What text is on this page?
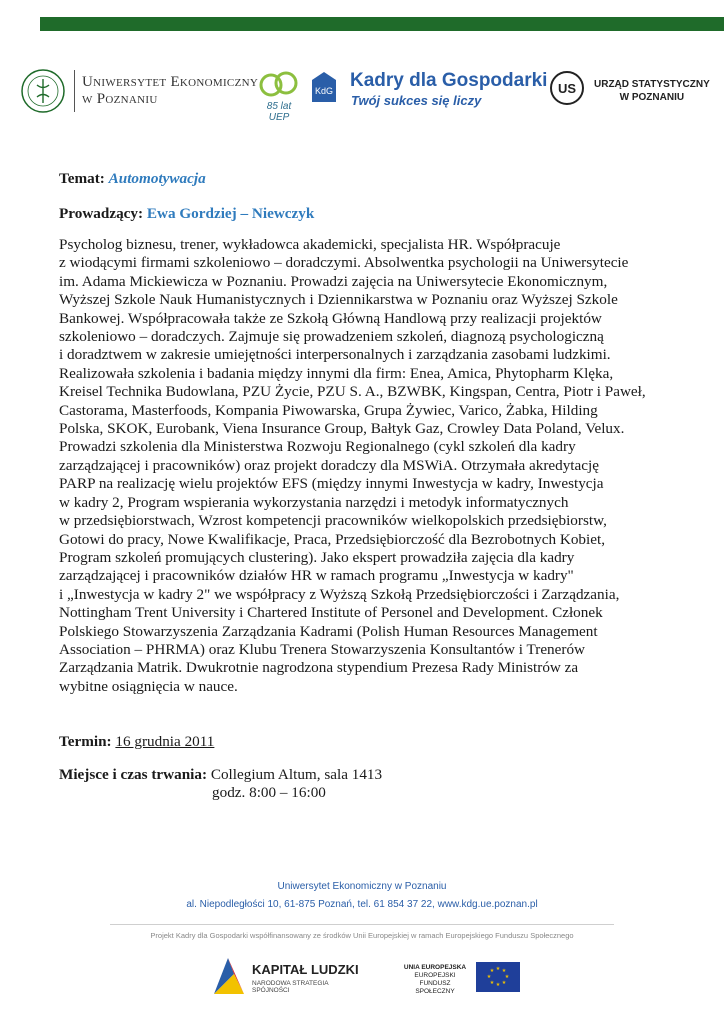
Uniwersytet Ekonomiczny
w Poznaniu	85 lat UEP
KdG Kadry dla Gospodarki
Twój sukces się liczy
US URZĄD STATYSTYCZNY
W POZNANIU
Temat: Automotywacja
Prowadzący: Ewa Gordziej – Niewczyk
Psycholog biznesu, trener, wykładowca akademicki, specjalista HR. Współpracuje
z wiodącymi firmami szkoleniowo – doradczymi. Absolwentka psychologii na Uniwersytecie
im. Adama Mickiewicza w Poznaniu. Prowadzi zajęcia na Uniwersytecie Ekonomicznym,
Wyższej Szkole Nauk Humanistycznych i Dziennikarstwa w Poznaniu oraz Wyższej Szkole
Bankowej. Współpracowała także ze Szkołą Główną Handlową przy realizacji projektów
szkoleniowo – doradczych. Zajmuje się prowadzeniem szkoleń, diagnozą psychologiczną
i doradztwem w zakresie umiejętności interpersonalnych i zarządzania zasobami ludzkimi.
Realizowała szkolenia i badania między innymi dla firm: Enea, Amica, Phytopharm Klęka,
Kreisel Technika Budowlana, PZU Życie, PZU S. A., BZWBK, Kingspan, Centra, Piotr i Paweł,
Castorama, Masterfoods, Kompania Piwowarska, Grupa Żywiec, Varico, Żabka, Hilding
Polska, SKOK, Eurobank, Viena Insurance Group, Bałtyk Gaz, Crowley Data Poland, Velux.
Prowadzi szkolenia dla Ministerstwa Rozwoju Regionalnego (cykl szkoleń dla kadry
zarządzającej i pracowników) oraz projekt doradczy dla MSWiA. Otrzymała akredytację
PARP na realizację wielu projektów EFS (między innymi Inwestycja w kadry, Inwestycja
w kadry 2, Program wspierania wykorzystania narzędzi i metodyk informatycznych
w przedsiębiorstwach, Wzrost kompetencji pracowników wielkopolskich przedsiębiorstw,
Gotowi do pracy, Nowe Kwalifikacje, Praca, Przedsiębiorczość dla Bezrobotnych Kobiet,
Program szkoleń promujących clustering). Jako ekspert prowadziła zajęcia dla kadry
zarządzającej i pracowników działów HR w ramach programu „Inwestycja w kadry"
i „Inwestycja w kadry 2" we współpracy z Wyższą Szkołą Przedsiębiorczości i Zarządzania,
Nottingham Trent University i Chartered Institute of Personel and Development. Członek
Polskiego Stowarzyszenia Zarządzania Kadrami (Polish Human Resources Management
Association – PHRMA) oraz Klubu Trenera Stowarzyszenia Konsultantów i Trenerów
Zarządzania Matrik. Dwukrotnie nagrodzona stypendium Prezesa Rady Ministrów za
wybitne osiągnięcia w nauce.
Termin: 16 grudnia 2011
Miejsce i czas trwania: Collegium Altum, sala 1413
godz. 8:00 – 16:00
Uniwersytet Ekonomiczny w Poznaniu
al. Niepodległości 10, 61-875 Poznań, tel. 61 854 37 22, www.kdg.ue.poznan.pl
Projekt Kadry dla Gospodarki współfinansowany ze środków Unii Europejskiej w ramach Europejskiego Funduszu Społecznego
KAPITAŁ LUDZKI
NARODOWA STRATEGIA SPÓJNOŚCI
UNIA EUROPEJSKA
EUROPEJSKI
FUNDUSZ SPOŁECZNY
★ ★
★
★
★
★
★
★
